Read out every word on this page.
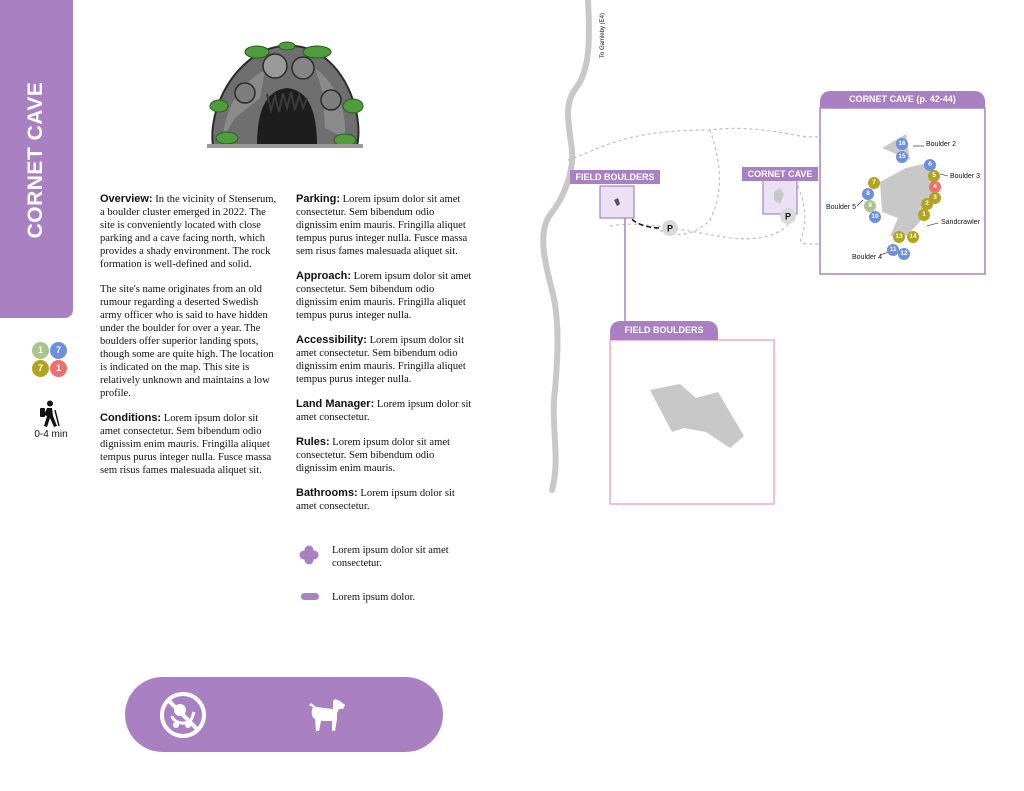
CORNET CAVE
1	7
7	1
0-4 min

Overview: In the vicinity of Stenserum, a boulder cluster emerged in 2022. The site is conveniently located with close parking and a cave facing north, which provides a shady environment. The rock formation is well-defined and solid.

The site's name originates from an old rumour regarding a deserted Swedish army officer who is said to have hidden under the boulder for over a year. The boulders offer superior landing spots, though some are quite high. The location is indicated on the map. This site is relatively unknown and maintains a low profile.

Conditions: Lorem ipsum dolor sit amet consectetur. Sem bibendum odio dignissim enim mauris. Fringilla aliquet tempus purus integer nulla. Fusce massa sem risus fames malesuada aliquet sit.

Parking: Lorem ipsum dolor sit amet consectetur. Sem bibendum odio dignissim enim mauris. Fringilla aliquet tempus purus integer nulla. Fusce massa sem risus fames malesuada aliquet sit.

Approach: Lorem ipsum dolor sit amet consectetur. Sem bibendum odio dignissim enim mauris. Fringilla aliquet tempus purus integer nulla.

Accessibility: Lorem ipsum dolor sit amet consectetur. Sem bibendum odio dignissim enim mauris. Fringilla aliquet tempus purus integer nulla.

Land Manager: Lorem ipsum dolor sit amet consectetur.

Rules: Lorem ipsum dolor sit amet consectetur. Sem bibendum odio dignissim enim mauris.

Bathrooms: Lorem ipsum dolor sit amet consectetur.

Lorem ipsum dolor sit amet consectetur.
Lorem ipsum dolor.
To Gamleby (E4)
P
P
FIELD BOULDERS	CORNET CAVE
CORNET CAVE (p. 42-44)
FIELD BOULDERS
Boulder 2
Boulder 3
Boulder 5
Sandcrawler
Boulder 4
16
15
6
5
4
3
2
1
7
8
9
10
13	14
11
12
